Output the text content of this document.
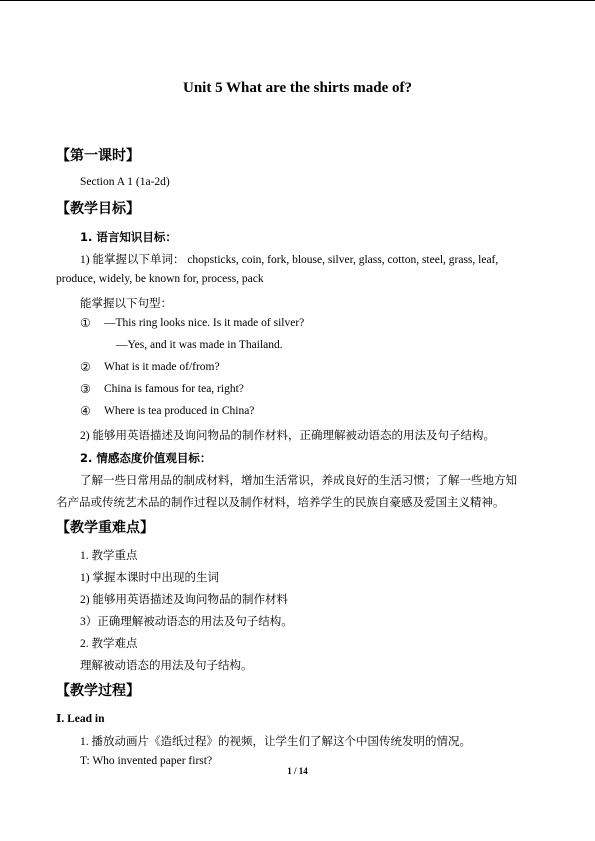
Unit 5 What are the shirts made of?
【第一课时】
Section A 1 (1a-2d)
【教学目标】
1. 语言知识目标：
1) 能掌握以下单词： chopsticks, coin, fork, blouse, silver, glass, cotton, steel, grass, leaf,
produce, widely, be known for, process, pack
能掌握以下句型：
① —This ring looks nice. Is it made of silver?
—Yes, and it was made in Thailand.
② What is it made of/from?
③ China is famous for tea, right?
④ Where is tea produced in China?
2) 能够用英语描述及询问物品的制作材料，正确理解被动语态的用法及句子结构。
2. 情感态度价值观目标：
了解一些日常用品的制成材料，增加生活常识，养成良好的生活习惯；了解一些地方知
名产品或传统艺术品的制作过程以及制作材料，培养学生的民族自豪感及爱国主义精神。
【教学重难点】
1. 教学重点
1) 掌握本课时中出现的生词
2) 能够用英语描述及询问物品的制作材料
3）正确理解被动语态的用法及句子结构。
2. 教学难点
理解被动语态的用法及句子结构。
【教学过程】
Ⅰ. Lead in
1. 播放动画片《造纸过程》的视频，让学生们了解这个中国传统发明的情况。
T: Who invented paper first?
1 / 14
